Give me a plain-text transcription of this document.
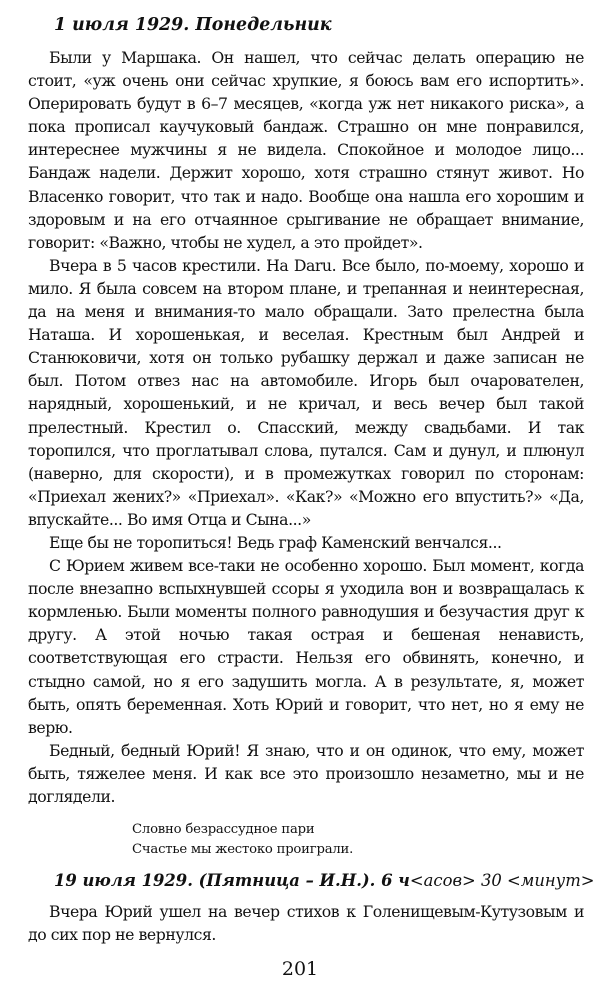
1 июля 1929. Понедельник

Были у Маршака. Он нашел, что сейчас делать операцию не стоит, «уж очень они сейчас хрупкие, я боюсь вам его испортить». Оперировать будут в 6–7 месяцев, «когда уж нет никакого риска», а пока прописал каучуковый бандаж. Страшно он мне понравился, интереснее мужчины я не видела. Спокойное и молодое лицо... Бандаж надели. Держит хорошо, хотя страшно стянут живот. Но Власенко говорит, что так и надо. Вообще она нашла его хорошим и здоровым и на его отчаянное срыгивание не обращает внимание, говорит: «Важно, чтобы не худел, а это пройдет».

Вчера в 5 часов крестили. На Daru. Все было, по-моему, хорошо и мило. Я была совсем на втором плане, и трепанная и неинтересная, да на меня и внимания-то мало обращали. Зато прелестна была Наташа. И хорошенькая, и веселая. Крестным был Андрей и Станюковичи, хотя он только рубашку держал и даже записан не был. Потом отвез нас на автомобиле. Игорь был очарователен, нарядный, хорошенький, и не кричал, и весь вечер был такой прелестный. Крестил о. Спасский, между свадьбами. И так торопился, что проглатывал слова, путался. Сам и дунул, и плюнул (наверно, для скорости), и в промежутках говорил по сторонам: «Приехал жених?» «Приехал». «Как?» «Можно его впустить?» «Да, впускайте... Во имя Отца и Сына...»

Еще бы не торопиться! Ведь граф Каменский венчался...

С Юрием живем все-таки не особенно хорошо. Был момент, когда после внезапно вспыхнувшей ссоры я уходила вон и возвращалась к кормленью. Были моменты полного равнодушия и безучастия друг к другу. А этой ночью такая острая и бешеная ненависть, соответствующая его страсти. Нельзя его обвинять, конечно, и стыдно самой, но я его задушить могла. А в результате, я, может быть, опять беременная. Хоть Юрий и говорит, что нет, но я ему не верю.

Бедный, бедный Юрий! Я знаю, что и он одинок, что ему, может быть, тяжелее меня. И как все это произошло незаметно, мы и не доглядели.

Словно безрассудное пари
Счастье мы жестоко проиграли.
19 июля 1929. (Пятница – И.Н.). 6 ч<асов> 30 <минут>

Вчера Юрий ушел на вечер стихов к Голенищевым-Кутузовым и до сих пор не вернулся.

201
